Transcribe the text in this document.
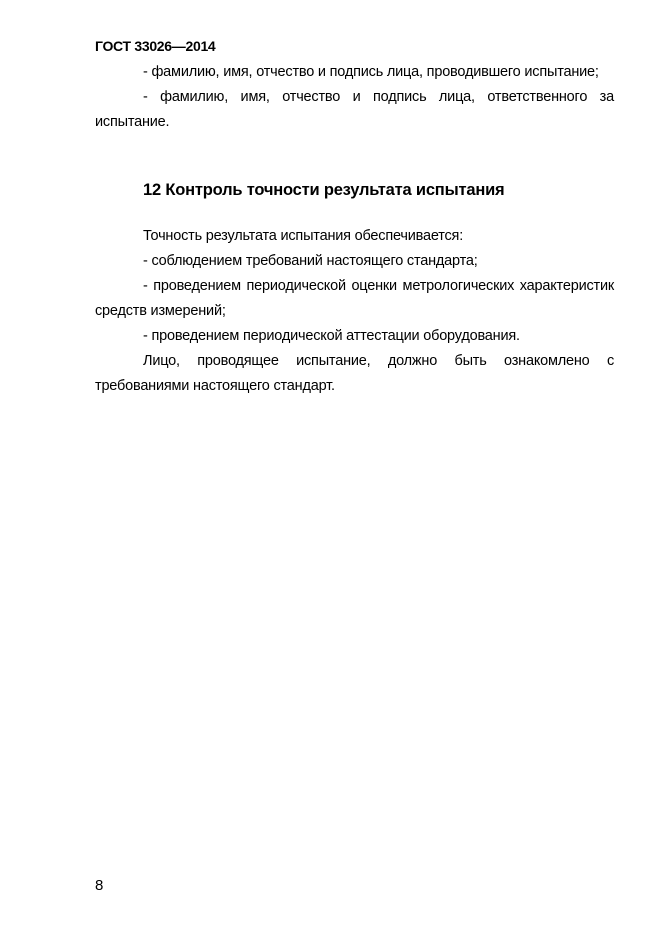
ГОСТ 33026—2014

- фамилию, имя, отчество и подпись лица, проводившего испытание;

- фамилию, имя, отчество и подпись лица, ответственного за испытание.

12 Контроль точности результата испытания

Точность результата испытания обеспечивается:

- соблюдением требований настоящего стандарта;

- проведением периодической оценки метрологических характеристик средств измерений;

- проведением периодической аттестации оборудования.

Лицо, проводящее испытание, должно быть ознакомлено с требованиями настоящего стандарт.

8
